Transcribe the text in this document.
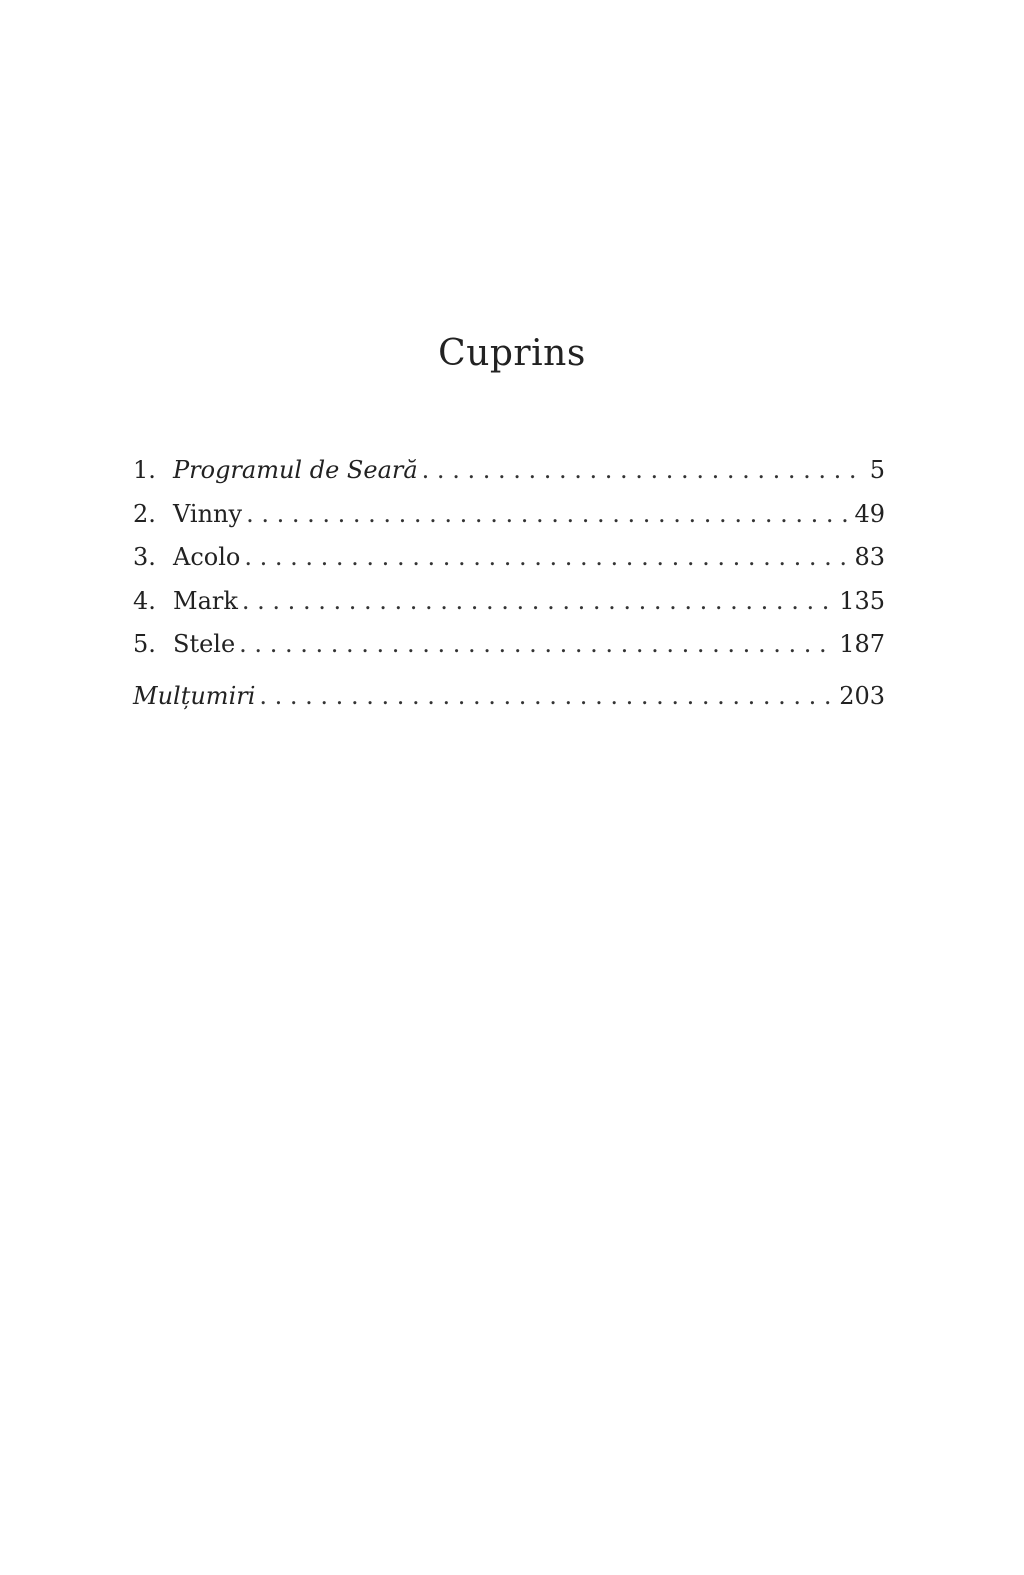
Cuprins
1. Programul de Seară . . .	5
2. Vinny . . .	49
3. Acolo . . .	83
4. Mark . . .	135
5. Stele . . .	187
Mulțumiri . . .	203
